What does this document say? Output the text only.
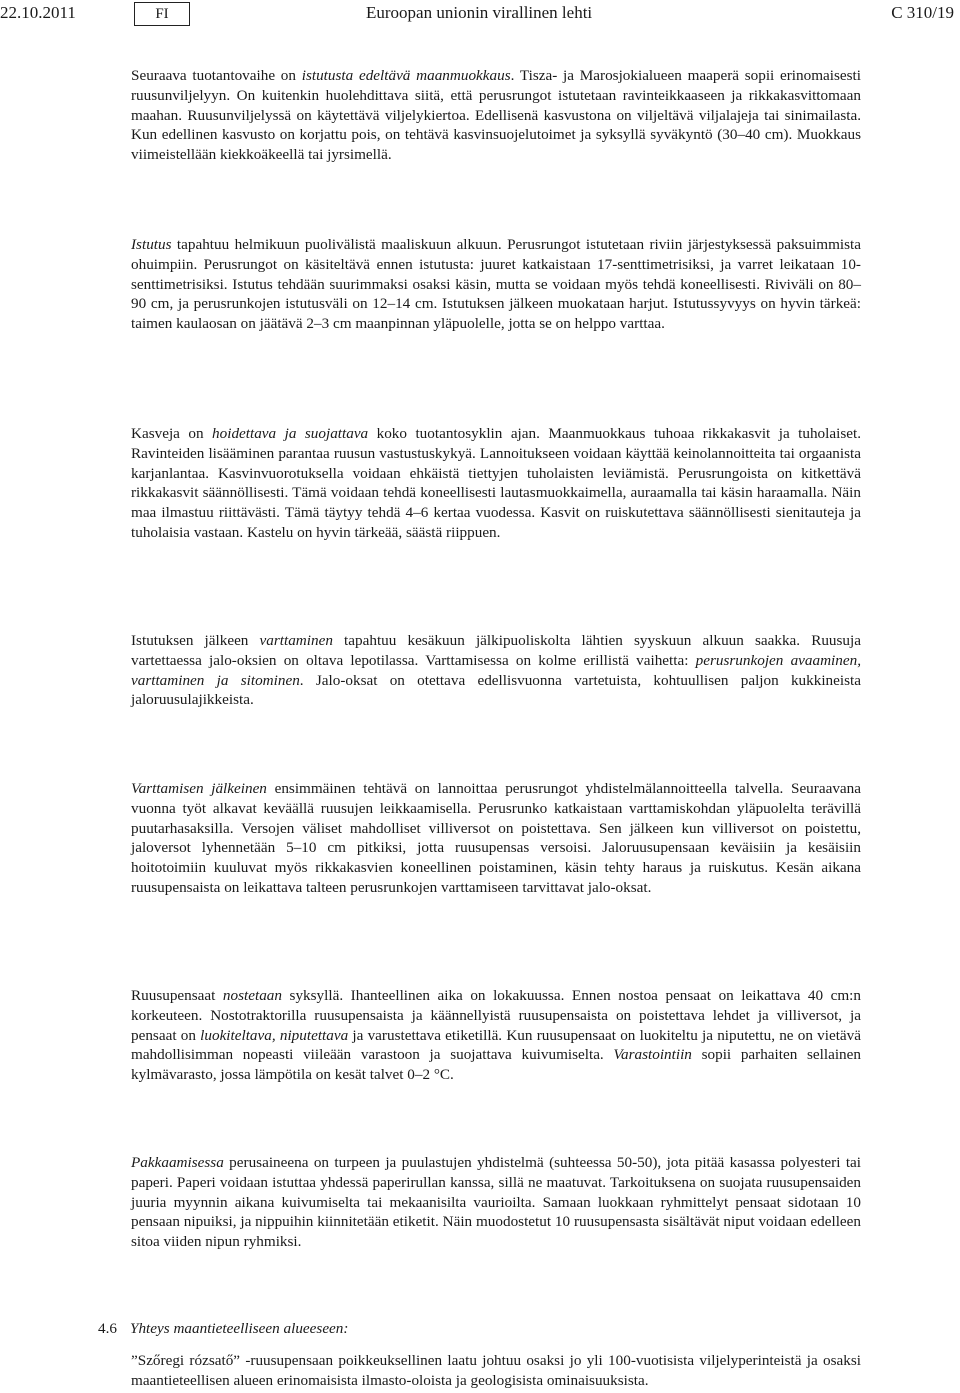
22.10.2011	FI	Euroopan unionin virallinen lehti	C 310/19
Seuraava tuotantovaihe on istutusta edeltävä maanmuokkaus. Tisza- ja Marosjokialueen maaperä sopii erinomaisesti ruusunviljelyyn. On kuitenkin huolehdittava siitä, että perusrungot istutetaan ravinteikkaaseen ja rikkakasvittomaan maahan. Ruusunviljelyssä on käytettävä viljelykiertoa. Edellisenä kasvustona on viljeltävä viljalajeja tai sinimailasta. Kun edellinen kasvusto on korjattu pois, on tehtävä kasvinsuojelutoimet ja syksyllä syväkyntö (30–40 cm). Muokkaus viimeistellään kiekkoäkeellä tai jyrsimellä.
Istutus tapahtuu helmikuun puolivälistä maaliskuun alkuun. Perusrungot istutetaan riviin järjestyksessä paksuimmista ohuimpiin. Perusrungot on käsiteltävä ennen istutusta: juuret katkaistaan 17-senttimetrisiksi, ja varret leikataan 10-senttimetrisiksi. Istutus tehdään suurimmaksi osaksi käsin, mutta se voidaan myös tehdä koneellisesti. Riviväli on 80–90 cm, ja perusrunkojen istutusväli on 12–14 cm. Istutuksen jälkeen muokataan harjut. Istutussyvyys on hyvin tärkeä: taimen kaulaosan on jäätävä 2–3 cm maanpinnan yläpuolelle, jotta se on helppo varttaa.
Kasveja on hoidettava ja suojattava koko tuotantosyklin ajan. Maanmuokkaus tuhoaa rikkakasvit ja tuholaiset. Ravinteiden lisääminen parantaa ruusun vastustuskykyä. Lannoitukseen voidaan käyttää keinolannoitteita tai orgaanista karjanlantaa. Kasvinvuorotuksella voidaan ehkäistä tiettyjen tuholaisten leviämistä. Perusrungoista on kitkettävä rikkakasvit säännöllisesti. Tämä voidaan tehdä koneellisesti lautasmuokkaimella, auraamalla tai käsin haraamalla. Näin maa ilmastuu riittävästi. Tämä täytyy tehdä 4–6 kertaa vuodessa. Kasvit on ruiskutettava säännöllisesti sienitauteja ja tuholaisia vastaan. Kastelu on hyvin tärkeää, säästä riippuen.
Istutuksen jälkeen varttaminen tapahtuu kesäkuun jälkipuoliskolta lähtien syyskuun alkuun saakka. Ruusuja vartettaessa jalo-oksien on oltava lepotilassa. Varttamisessa on kolme erillistä vaihetta: perusrunkojen avaaminen, varttaminen ja sitominen. Jalo-oksat on otettava edellisvuonna vartetuista, kohtuullisen paljon kukkineista jaloruusulajikkeista.
Varttamisen jälkeinen ensimmäinen tehtävä on lannoittaa perusrungot yhdistelmälannoitteella talvella. Seuraavana vuonna työt alkavat keväällä ruusujen leikkaamisella. Perusrunko katkaistaan varttamiskohdan yläpuolelta terävillä puutarhasaksilla. Versojen väliset mahdolliset villiversot on poistettava. Sen jälkeen kun villiversot on poistettu, jaloversot lyhennetään 5–10 cm pitkiksi, jotta ruusupensas versoisi. Jaloruusupensaan keväisiin ja kesäisiin hoitotoimiin kuuluvat myös rikkakasvien koneellinen poistaminen, käsin tehty haraus ja ruiskutus. Kesän aikana ruusupensaista on leikattava talteen perusrunkojen varttamiseen tarvittavat jalo-oksat.
Ruusupensaat nostetaan syksyllä. Ihanteellinen aika on lokakuussa. Ennen nostoa pensaat on leikattava 40 cm:n korkeuteen. Nostotraktorilla ruusupensaista ja käännellyistä ruusupensaista on poistettava lehdet ja villiversot, ja pensaat on luokiteltava, niputettava ja varustettava etiketillä. Kun ruusupensaat on luokiteltu ja niputettu, ne on vietävä mahdollisimman nopeasti viileään varastoon ja suojattava kuivumiselta. Varastointiin sopii parhaiten sellainen kylmävarasto, jossa lämpötila on kesät talvet 0–2 °C.
Pakkaamisessa perusaineena on turpeen ja puulastujen yhdistelmä (suhteessa 50-50), jota pitää kasassa polyesteri tai paperi. Paperi voidaan istuttaa yhdessä paperirullan kanssa, sillä ne maatuvat. Tarkoituksena on suojata ruusupensaiden juuria myynnin aikana kuivumiselta tai mekaanisilta vaurioilta. Samaan luokkaan ryhmittelyt pensaat sidotaan 10 pensaan nipuiksi, ja nippuihin kiinnitetään etiketit. Näin muodostetut 10 ruusupensasta sisältävät niput voidaan edelleen sitoa viiden nipun ryhmiksi.
4.6 Yhteys maantieteelliseen alueeseen:
”Szőregi rózsatő” -ruusupensaan poikkeuksellinen laatu johtuu osaksi jo yli 100-vuotisista viljelyperinteistä ja osaksi maantieteellisen alueen erinomaisista ilmasto-oloista ja geologisista ominaisuuksista.
